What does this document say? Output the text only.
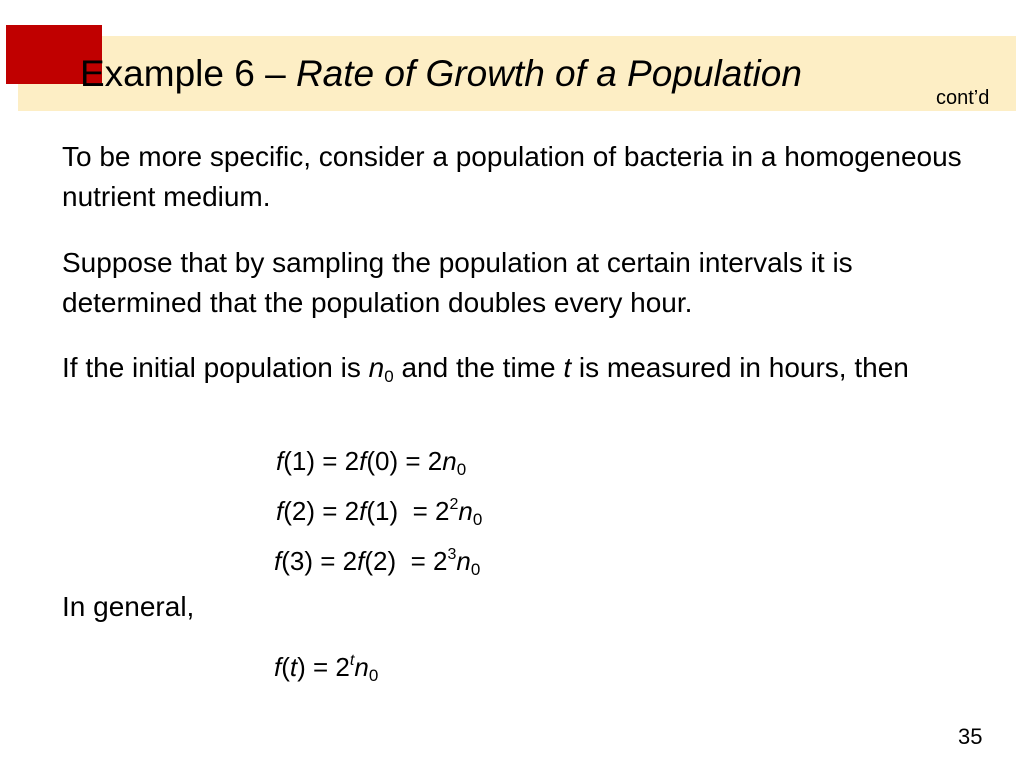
Example 6 – Rate of Growth of a Population
cont’d

To be more specific, consider a population of bacteria in a homogeneous nutrient medium.

Suppose that by sampling the population at certain intervals it is determined that the population doubles every hour.

If the initial population is $n_0$ and the time t is measured in hours, then

$f(1) = 2f(0) = 2n_0$
$f(2) = 2f(1) = 2^2n_0$
$f(3) = 2f(2) = 2^3n_0$

In general,

$f(t) = 2^tn_0$
35
